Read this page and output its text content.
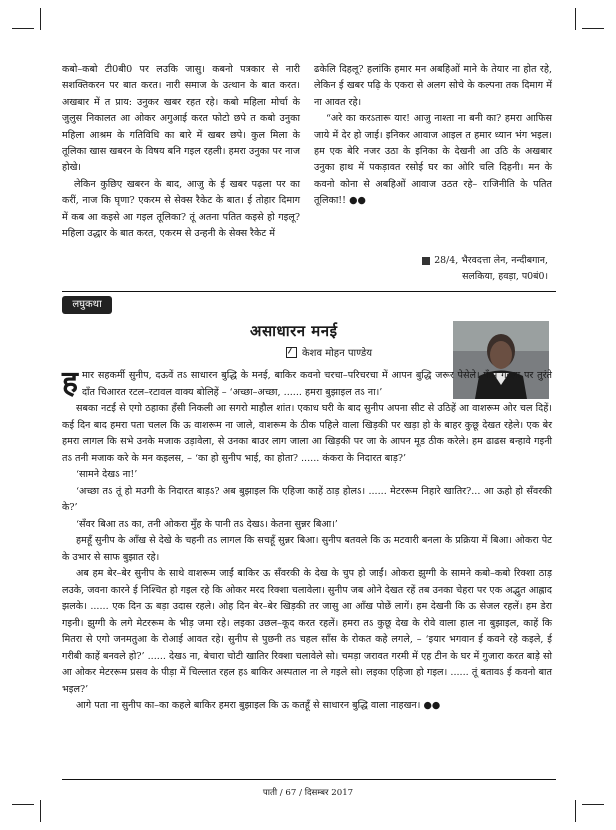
कबो–कबो टी0बी0 पर लउकि जासु। कबनो पत्रकार से नारी सशक्तिकरन पर बात करत। नारी समाज के उत्थान के बात करत। अखबार में त प्राय: उनुकर खबर रहत रहे। कबो महिला मोर्चा के जुलुस निकालत आ ओकर अगुआई करत फोटो छपे त कबो उनुका महिला आश्रम के गतिविधि का बारे में खबर छपे। कुल मिला के तूलिका खास खबरन के विषय बनि गइल रहली। हमरा उनुका पर नाज होखे।

लेकिन कुछिए खबरन के बाद, आजु के ई खबर पढ़ला पर का करीं, नाज कि घृणा? एकरम से सेक्स रैकेट के बात। ई तोहार दिमाग में कब आ कइसे आ गइल तूलिका? तूं अतना पतित कइसे हो गइलू? महिला उद्धार के बात करत, एकरम से उन्हनी के सेक्स रैकेट में

ढकेलि दिहलू? हलांकि हमार मन अबहिओं माने के तेयार ना होत रहे, लेकिन ई खबर पढ़ि के एकरा से अलग सोचे के कल्पना तक दिमाग में ना आवत रहे।

“अरे का करऽतारू यार! आजु नाश्ता ना बनी का? हमरा आफिस जाये में देर हो जाई। इनिकर आवाज आइल त हमार ध्यान भंग भइल। हम एक बेरि नजर उठा के इनिका के देखनी आ उठि के अखबार उनुका हाथ में पकड़ावत रसोई घर का ओरि चलि दिहनी। मन के कवनो कोना से अबहिओं आवाज उठत रहे– राजिनीति के पतित तूलिका!! ●●

28/4, भैरवदत्ता लेन, नन्दीबगान,
सलकिया, हवड़ा, प0बं0।
लघुकथा
असाधारन मनई
केशव मोहन पाण्डेय

हमार सहकर्मी सुनीप, दऊवें तऽ साधारन बुद्धि के मनई, बाकिर कवनो चरचा–परिचरचा में आपन बुद्धि जरूर पेसेले। फँस गइला पर तुरंते दाँत चिआरत रटल–रटावल वाक्य बोलिहें – ‘अच्छा–अच्छा, ...... हमरा बुझाइल तऽ ना।’

सबका नटर्ई से एगो ठहाका हँसी निकली आ सगरो माहौल शांत। एकाध घरी के बाद सुनीप अपना सीट से उठिहें आ वाशरूम ओर चल दिहें। कई दिन बाद हमरा पता चलल कि ऊ वाशरूम ना जाले, वाशरूम के ठीक पहिले वाला खिड़की पर खड़ा हो के बाहर कुछू देखत रहेले। एक बेर हमरा लागल कि सभे उनके मजाक उड़ावेला, से उनका बाउर लाग जाला आ खिड़की पर जा के आपन मूड ठीक करेले। हम ढाढस बन्हावे गइनी तऽ तनी मजाक करे के मन कइलस, – ‘का हो सुनीप भाई, का होता? ...... कंकरा के निदारत बाड़?’

‘सामने देखऽ ना!’

‘अच्छा तऽ तूं हो मउगी के निदारत बाड़ऽ? अब बुझाइल कि एहिजा काहें ठाड़ होलऽ। ...... मेटररूम निहारे खातिर?... आ ऊहो हो सँवरकी के?’

‘सँवर बिआ तऽ का, तनी ओकरा मुँह के पानी तऽ देखऽ। केतना सुन्नर बिआ।’

हमहूँ सुनीप के आँख से देखे के चहनी तऽ लागल कि सचहूँ सुन्नर बिआ। सुनीप बतवले कि ऊ मटवारी बनला के प्रक्रिया में बिआ। ओकरा पेट के उभार से साफ बुझात रहे।

अब हम बेर–बेर सुनीप के साथे वाशरूम जाईं बाकिर ऊ सँवरकी के देख के चुप हो जाईं। ओकरा झुग्गी के सामने कबो–कबो रिक्शा ठाड़ लउके, जवना कारने ई निश्चित हो गइल रहे कि ओकर मरद रिक्शा चलावेला। सुनीप जब ओने देखत रहें तब उनका चेहरा पर एक अद्भुत आह्लाद झलके। ...... एक दिन ऊ बड़ा उदास रहले। ओह दिन बेर–बेर खिड़की तर जासु आ आँख पोछें लागें। हम देखनी कि ऊ सेजल रहलें। हम डेरा गइनी। झुग्गी के लगे मेटररूम के भीड़ जमा रहे। लइका उछल–कूद करत रहलें। हमरा तऽ कुछू देख के रोवे वाला हाल ना बुझाइल, काहें कि मितरा से एगो जनमतुआ के रोआई आवत रहे। सुनीप से पुछनी तऽ चहल साँस के रोकत कहे लगले, – ‘इयार भगवान ई कवने रहे कइले, ई गरीबी काहें बनवले हो?’ ...... देखऽ ना, बेचारा चोटी खातिर रिक्शा चलावेले सो। चमड़ा जरावत गरमी में एह टीन के घर में गुजारा करत बाड़े सो आ ओकर मेटररूम प्रसव के पीड़ा में चिल्लात रहल हऽ बाकिर अस्पताल ना ले गइले सो। लइका एहिजा हो गइल। ...... तूं बतावऽ ई कवनो बात भइल?’

आगे पता ना सुनीप का–का कहले बाकिर हमरा बुझाइल कि ऊ कतहूँ से साधारन बुद्धि वाला नाहखन। ●●

पाती / 67 / दिसम्बर 2017
